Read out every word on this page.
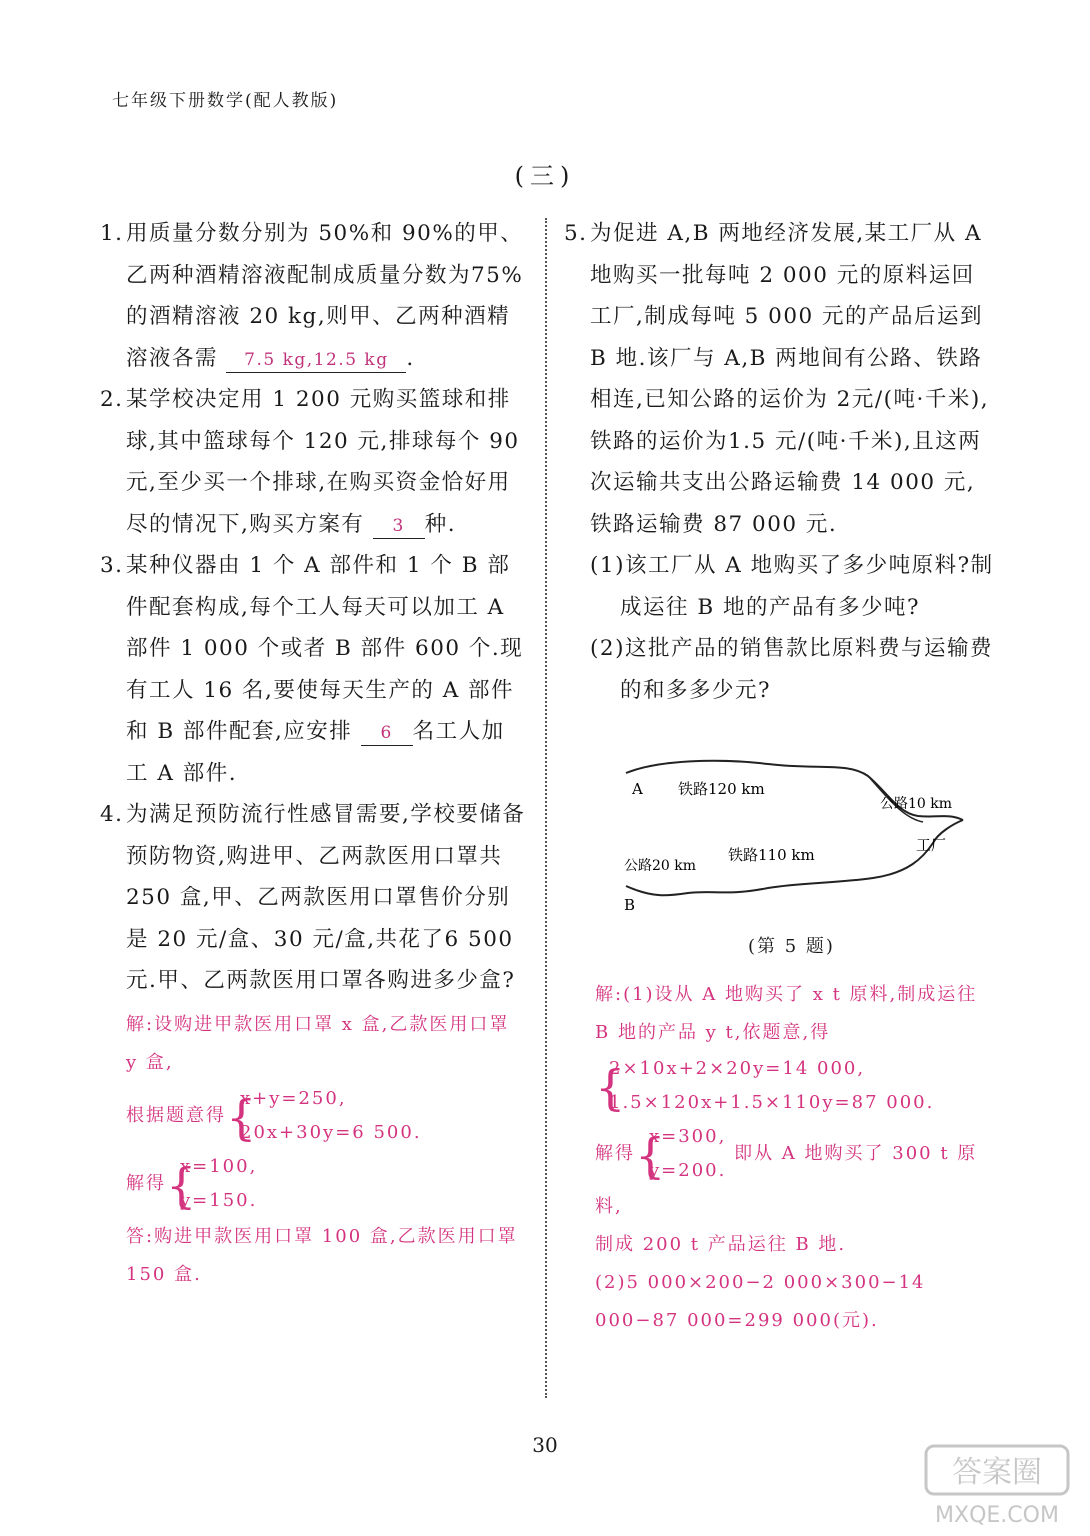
七年级下册数学(配人教版)
(三)

1. 用质量分数分别为 50%和 90%的甲、乙两种酒精溶液配制成质量分数为75%的酒精溶液 20 kg,则甲、乙两种酒精溶液各需 7.5 kg,12.5 kg .

2. 某学校决定用 1 200 元购买篮球和排球,其中篮球每个 120 元,排球每个 90元,至少买一个排球,在购买资金恰好用尽的情况下,购买方案有 3 种.

3. 某种仪器由 1 个 A 部件和 1 个 B 部件配套构成,每个工人每天可以加工 A 部件 1 000 个或者 B 部件 600 个.现有工人 16 名,要使每天生产的 A 部件和 B 部件配套,应安排 6 名工人加工 A 部件.

4. 为满足预防流行性感冒需要,学校要储备预防物资,购进甲、乙两款医用口罩共 250 盒,甲、乙两款医用口罩售价分别是 20 元/盒、30 元/盒,共花了6 500 元.甲、乙两款医用口罩各购进多少盒?

解:设购进甲款医用口罩 x 盒,乙款医用口罩 y 盒,

根据题意得 {
x+y=250,
20x+30y=6 500.

解得 {
x=100,
y=150.

答:购进甲款医用口罩 100 盒,乙款医用口罩 150 盒.

5. 为促进 A,B 两地经济发展,某工厂从 A 地购买一批每吨 2 000 元的原料运回工厂,制成每吨 5 000 元的产品后运到 B 地.该厂与 A,B 两地间有公路、铁路相连,已知公路的运价为 2元/(吨·千米),铁路的运价为1.5 元/(吨·千米),且这两次运输共支出公路运输费 14 000 元,铁路运输费 87 000 元.

(1)该工厂从 A 地购买了多少吨原料?制成运往 B 地的产品有多少吨?

(2)这批产品的销售款比原料费与运输费的和多多少元?

A 铁路120 km
公路10 km
工厂
铁路110 km
公路20 km
B
(第 5 题)

解:(1)设从 A 地购买了 x t 原料,制成运往B 地的产品 y t,依题意,得

{
2×10x+2×20y=14 000,
1.5×120x+1.5×110y=87 000.

解得 {
x=300,
y=200.
即从 A 地购买了 300 t 原料,

制成 200 t 产品运往 B 地.

(2)5 000×200−2 000×300−14 000−87 000=299 000(元).

30
答案圈
MXQE.COM
